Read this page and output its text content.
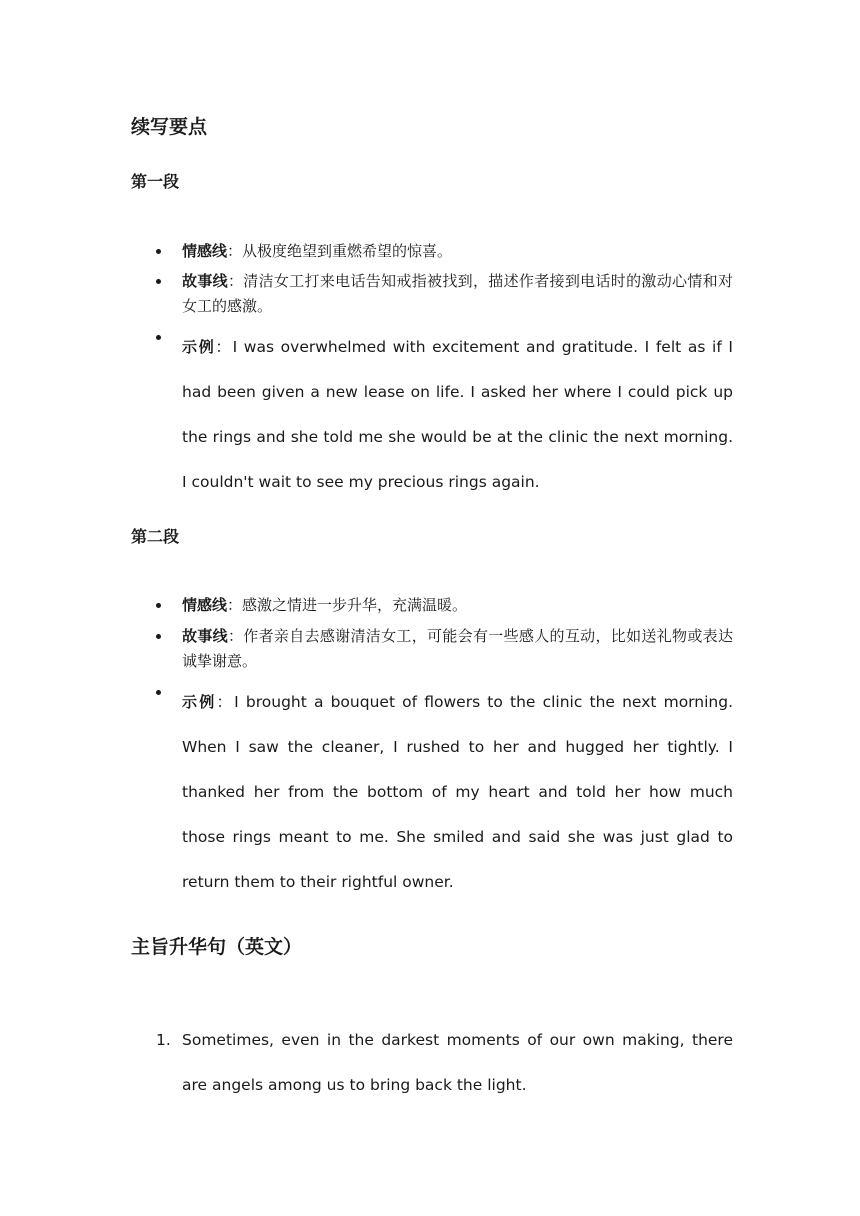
续写要点
第一段
情感线：从极度绝望到重燃希望的惊喜。
故事线：清洁女工打来电话告知戒指被找到，描述作者接到电话时的激动心情和对女工的感激。
示例：I was overwhelmed with excitement and gratitude. I felt as if I had been given a new lease on life. I asked her where I could pick up the rings and she told me she would be at the clinic the next morning. I couldn't wait to see my precious rings again.
第二段
情感线：感激之情进一步升华，充满温暖。
故事线：作者亲自去感谢清洁女工，可能会有一些感人的互动，比如送礼物或表达诚挚谢意。
示例：I brought a bouquet of flowers to the clinic the next morning. When I saw the cleaner, I rushed to her and hugged her tightly. I thanked her from the bottom of my heart and told her how much those rings meant to me. She smiled and said she was just glad to return them to their rightful owner.
主旨升华句（英文）
1. Sometimes, even in the darkest moments of our own making, there are angels among us to bring back the light.
